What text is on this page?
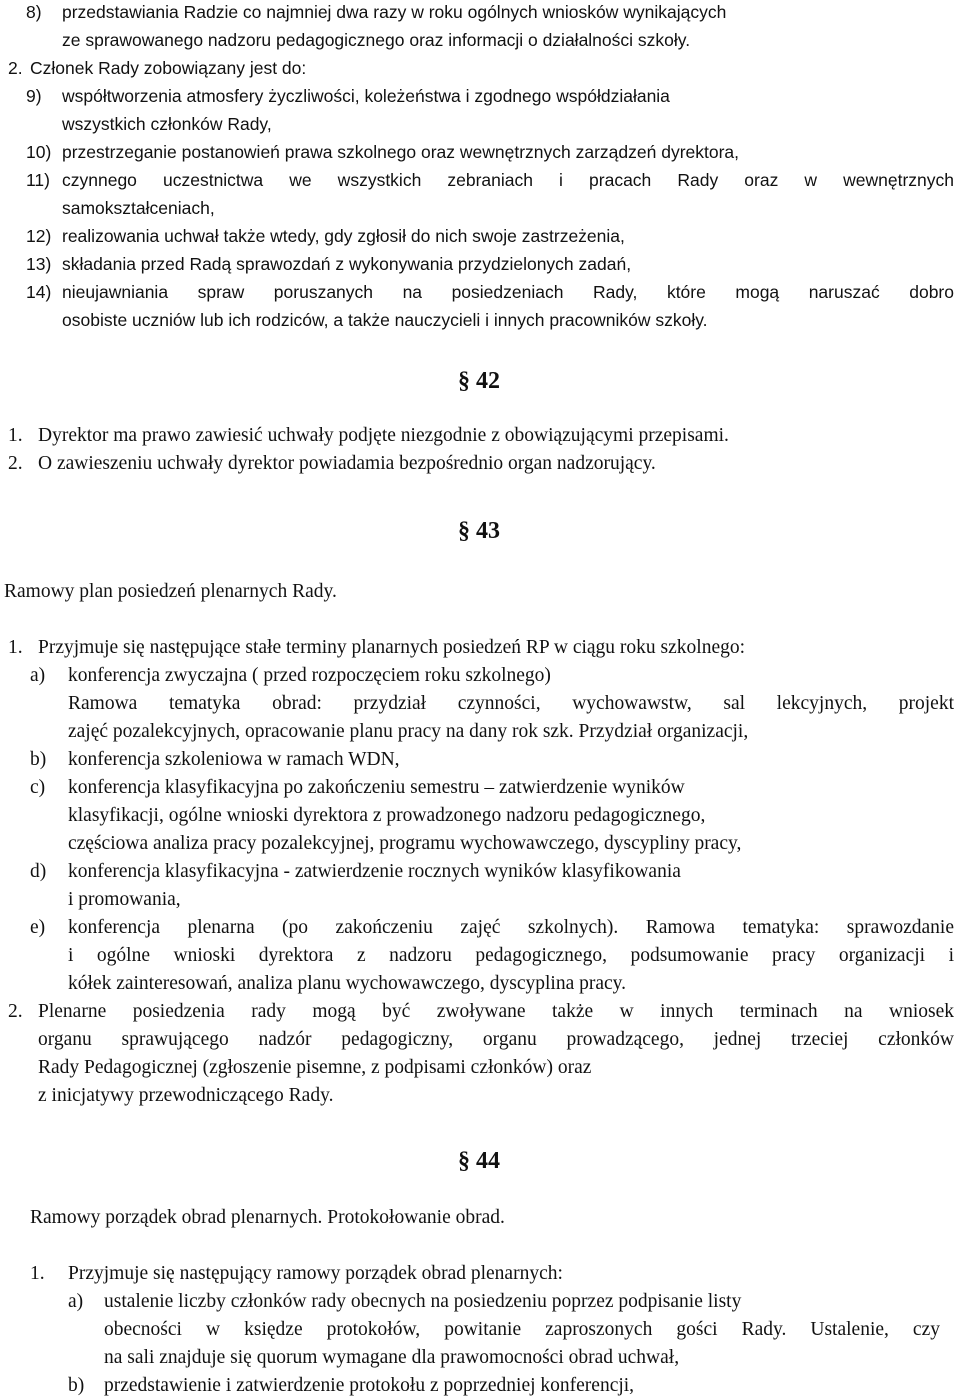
8) przedstawiania Radzie co najmniej dwa razy w roku ogólnych wniosków wynikających
ze sprawowanego nadzoru pedagogicznego oraz informacji o działalności szkoły.
2. Członek Rady zobowiązany jest do:
9) współtworzenia atmosfery życzliwości, koleżeństwa i zgodnego współdziałania
wszystkich członków Rady,
10) przestrzeganie postanowień prawa szkolnego oraz wewnętrznych zarządzeń dyrektora,
11) czynnego uczestnictwa we wszystkich zebraniach i pracach Rady oraz w wewnętrznych
samokształceniach,
12) realizowania uchwał także wtedy, gdy zgłosił do nich swoje zastrzeżenia,
13) składania przed Radą sprawozdań z wykonywania przydzielonych zadań,
14) nieujawniania spraw poruszanych na posiedzeniach Rady, które mogą naruszać dobro
osobiste uczniów lub ich rodziców, a także nauczycieli i innych pracowników szkoły.
§ 42
1. Dyrektor ma prawo zawiesić uchwały podjęte niezgodnie z obowiązującymi przepisami.
2. O zawieszeniu uchwały dyrektor powiadamia bezpośrednio organ nadzorujący.
§ 43
Ramowy plan posiedzeń plenarnych Rady.
1. Przyjmuje się następujące stałe terminy planarnych posiedzeń RP w ciągu roku szkolnego:
a) konferencja zwyczajna ( przed rozpoczęciem roku szkolnego)
Ramowa tematyka obrad: przydział czynności, wychowawstw, sal lekcyjnych, projekt
zajęć pozalekcyjnych, opracowanie planu pracy na dany rok szk. Przydział organizacji,
b) konferencja szkoleniowa w ramach WDN,
c) konferencja klasyfikacyjna po zakończeniu semestru – zatwierdzenie wyników
klasyfikacji, ogólne wnioski dyrektora z prowadzonego nadzoru pedagogicznego,
częściowa analiza pracy pozalekcyjnej, programu wychowawczego, dyscypliny pracy,
d) konferencja klasyfikacyjna - zatwierdzenie rocznych wyników klasyfikowania
i promowania,
e) konferencja plenarna (po zakończeniu zajęć szkolnych). Ramowa tematyka: sprawozdanie
i ogólne wnioski dyrektora z nadzoru pedagogicznego, podsumowanie pracy organizacji i
kółek zainteresowań, analiza planu wychowawczego, dyscyplina pracy.
2. Plenarne posiedzenia rady mogą być zwoływane także w innych terminach na wniosek
organu sprawującego nadzór pedagogiczny, organu prowadzącego, jednej trzeciej członków
Rady Pedagogicznej (zgłoszenie pisemne, z podpisami członków) oraz
z inicjatywy przewodniczącego Rady.
§ 44
Ramowy porządek obrad plenarnych. Protokołowanie obrad.
1. Przyjmuje się następujący ramowy porządek obrad plenarnych:
a) ustalenie liczby członków rady obecnych na posiedzeniu poprzez podpisanie listy
obecności w księdze protokołów, powitanie zaproszonych gości Rady. Ustalenie, czy
na sali znajduje się quorum wymagane dla prawomocności obrad uchwał,
b) przedstawienie i zatwierdzenie protokołu z poprzedniej konferencji,
